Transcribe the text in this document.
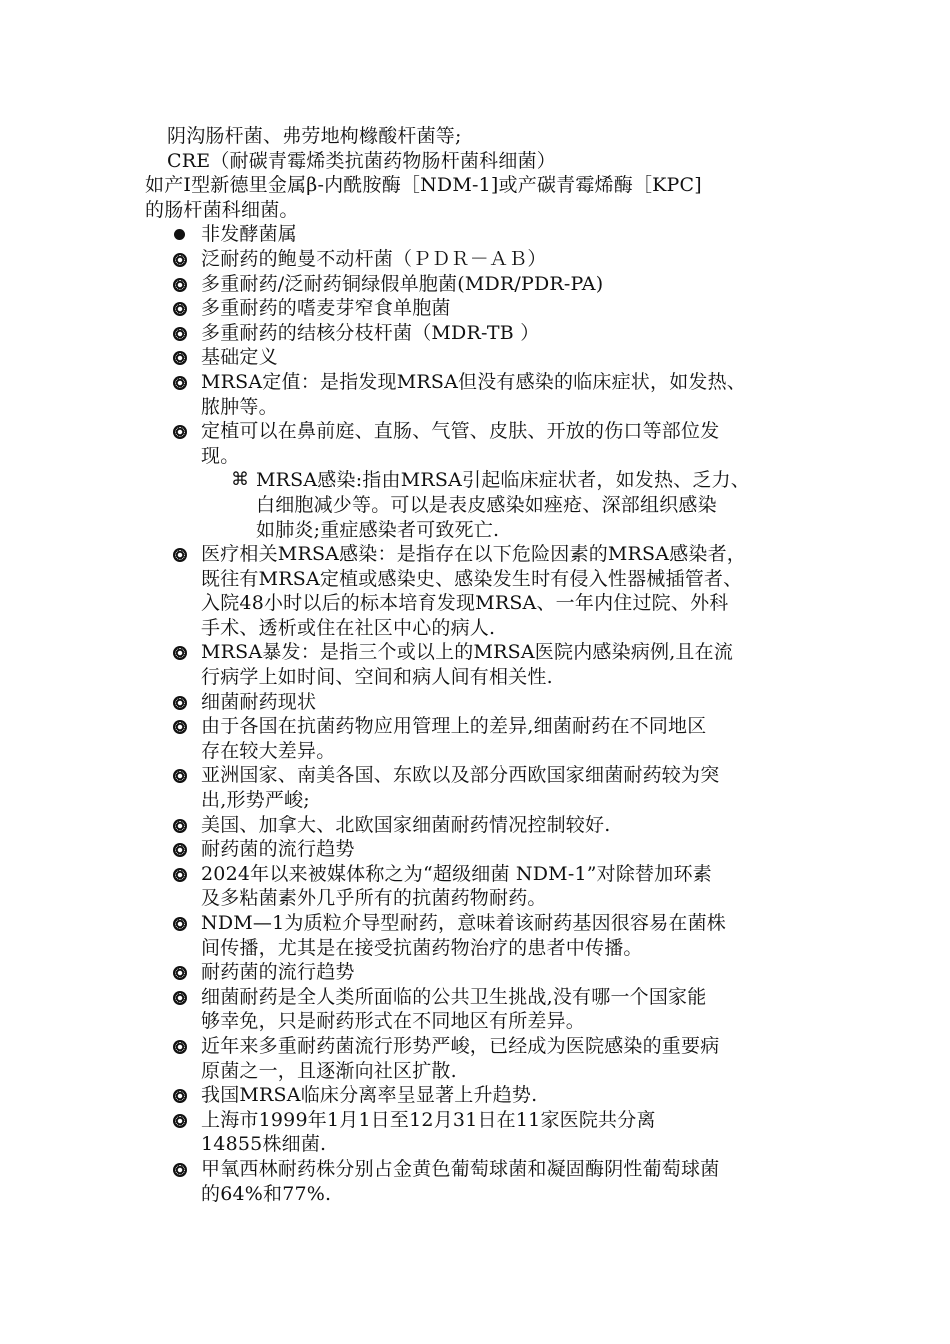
阴沟肠杆菌、弗劳地枸橼酸杆菌等;
CRE（耐碳青霉烯类抗菌药物肠杆菌科细菌）
如产Ⅰ型新德里金属β-内酰胺酶［NDM-1]或产碳青霉烯酶［KPC]
的肠杆菌科细菌。
非发酵菌属
泛耐药的鲍曼不动杆菌（ＰＤＲ－ＡＢ）
多重耐药/泛耐药铜绿假单胞菌(MDR/PDR-PA)
多重耐药的嗜麦芽窄食单胞菌
多重耐药的结核分枝杆菌（MDR-TB ）
基础定义
MRSA定值：是指发现MRSA但没有感染的临床症状，如发热、
脓肿等。
定植可以在鼻前庭、直肠、气管、皮肤、开放的伤口等部位发
现。
⌘ MRSA感染:指由MRSA引起临床症状者，如发热、乏力、白细胞减少等。可以是表皮感染如痤疮、深部组织感染如肺炎;重症感染者可致死亡.
医疗相关MRSA感染：是指存在以下危险因素的MRSA感染者，
既往有MRSA定植或感染史、感染发生时有侵入性器械插管者、
入院48小时以后的标本培育发现MRSA、一年内住过院、外科
手术、透析或住在社区中心的病人.
MRSA暴发：是指三个或以上的MRSA医院内感染病例,且在流
行病学上如时间、空间和病人间有相关性.
细菌耐药现状
由于各国在抗菌药物应用管理上的差异,细菌耐药在不同地区
存在较大差异。
亚洲国家、南美各国、东欧以及部分西欧国家细菌耐药较为突
出,形势严峻;
美国、加拿大、北欧国家细菌耐药情况控制较好.
耐药菌的流行趋势
2024年以来被媒体称之为“超级细菌 NDM-1”对除替加环素
及多粘菌素外几乎所有的抗菌药物耐药。
NDM—1为质粒介导型耐药，意味着该耐药基因很容易在菌株
间传播，尤其是在接受抗菌药物治疗的患者中传播。
耐药菌的流行趋势
细菌耐药是全人类所面临的公共卫生挑战,没有哪一个国家能
够幸免，只是耐药形式在不同地区有所差异。
近年来多重耐药菌流行形势严峻，已经成为医院感染的重要病
原菌之一，且逐渐向社区扩散.
我国MRSA临床分离率呈显著上升趋势.
上海市1999年1月1日至12月31日在11家医院共分离
14855株细菌.
甲氧西林耐药株分别占金黄色葡萄球菌和凝固酶阴性葡萄球菌
的64%和77%.
